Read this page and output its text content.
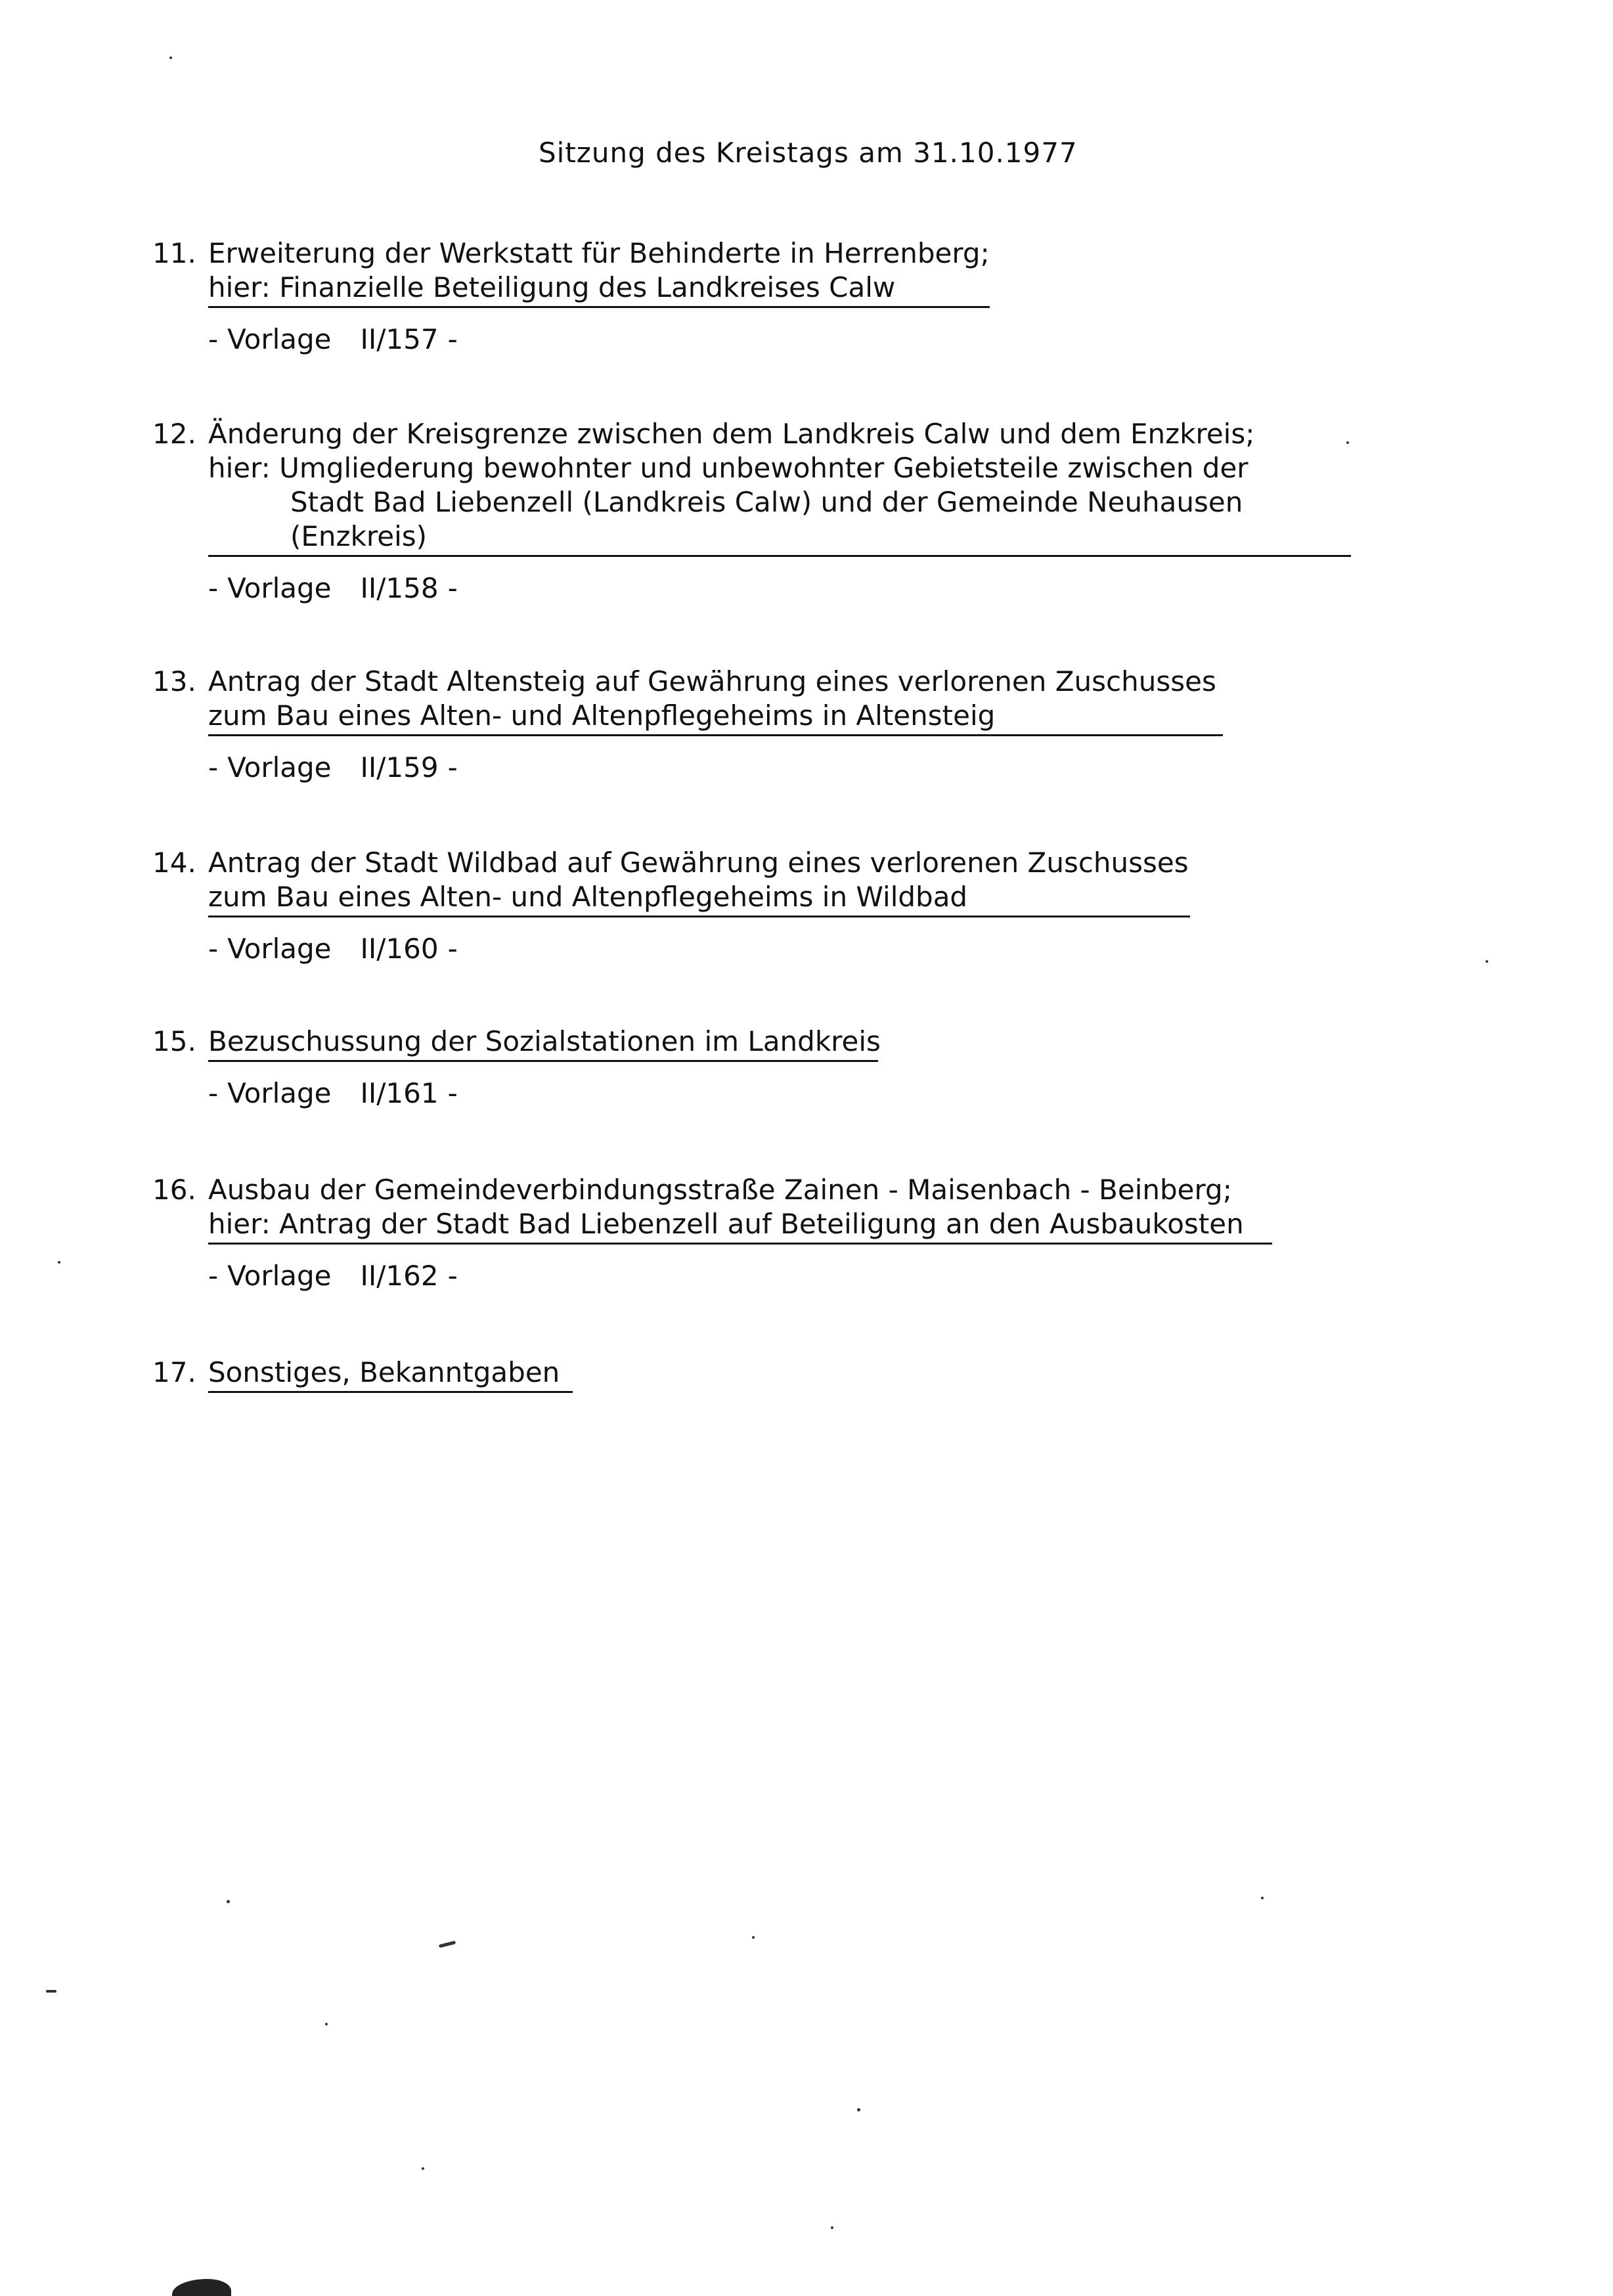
Sitzung des Kreistags am 31.10.1977
11. Erweiterung der Werkstatt für Behinderte in Herrenberg;
hier: Finanzielle Beteiligung des Landkreises Calw
- Vorlage II/157 -
12. Änderung der Kreisgrenze zwischen dem Landkreis Calw und dem Enzkreis;
hier: Umgliederung bewohnter und unbewohnter Gebietsteile zwischen der
Stadt Bad Liebenzell (Landkreis Calw) und der Gemeinde Neuhausen
(Enzkreis)
- Vorlage II/158 -
13. Antrag der Stadt Altensteig auf Gewährung eines verlorenen Zuschusses
zum Bau eines Alten- und Altenpflegeheims in Altensteig
- Vorlage II/159 -
14. Antrag der Stadt Wildbad auf Gewährung eines verlorenen Zuschusses
zum Bau eines Alten- und Altenpflegeheims in Wildbad
- Vorlage II/160 -
15. Bezuschussung der Sozialstationen im Landkreis
- Vorlage II/161 -
16. Ausbau der Gemeindeverbindungsstraße Zainen - Maisenbach - Beinberg;
hier: Antrag der Stadt Bad Liebenzell auf Beteiligung an den Ausbaukosten
- Vorlage II/162 -
17. Sonstiges, Bekanntgaben
